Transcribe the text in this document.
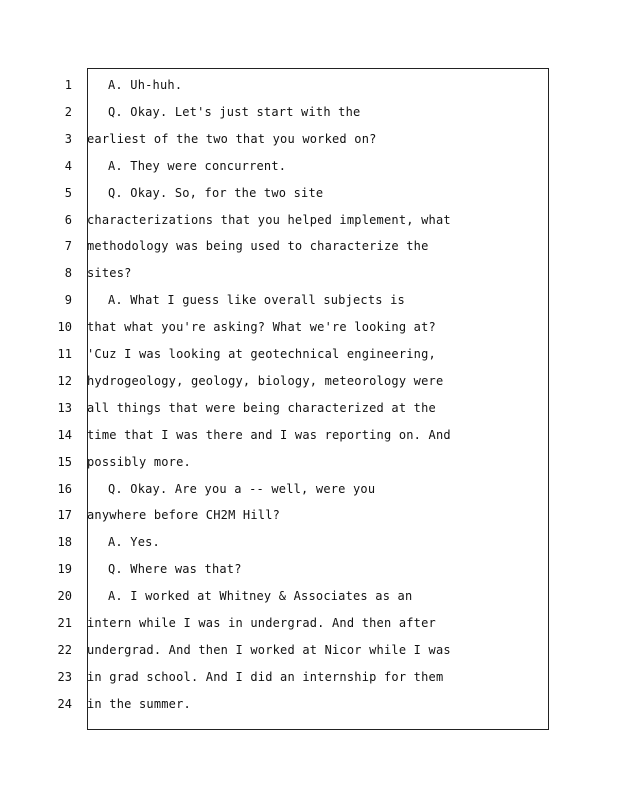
1	A. Uh-huh.
2	Q. Okay. Let's just start with the
3 earliest of the two that you worked on?
4	A. They were concurrent.
5	Q. Okay. So, for the two site
6 characterizations that you helped implement, what
7 methodology was being used to characterize the
8 sites?
9	A. What I guess like overall subjects is
10 that what you're asking? What we're looking at?
11 'Cuz I was looking at geotechnical engineering,
12 hydrogeology, geology, biology, meteorology were
13 all things that were being characterized at the
14 time that I was there and I was reporting on. And
15 possibly more.
16	Q. Okay. Are you a -- well, were you
17 anywhere before CH2M Hill?
18	A. Yes.
19	Q. Where was that?
20	A. I worked at Whitney & Associates as an
21 intern while I was in undergrad. And then after
22 undergrad. And then I worked at Nicor while I was
23 in grad school. And I did an internship for them
24 in the summer.
